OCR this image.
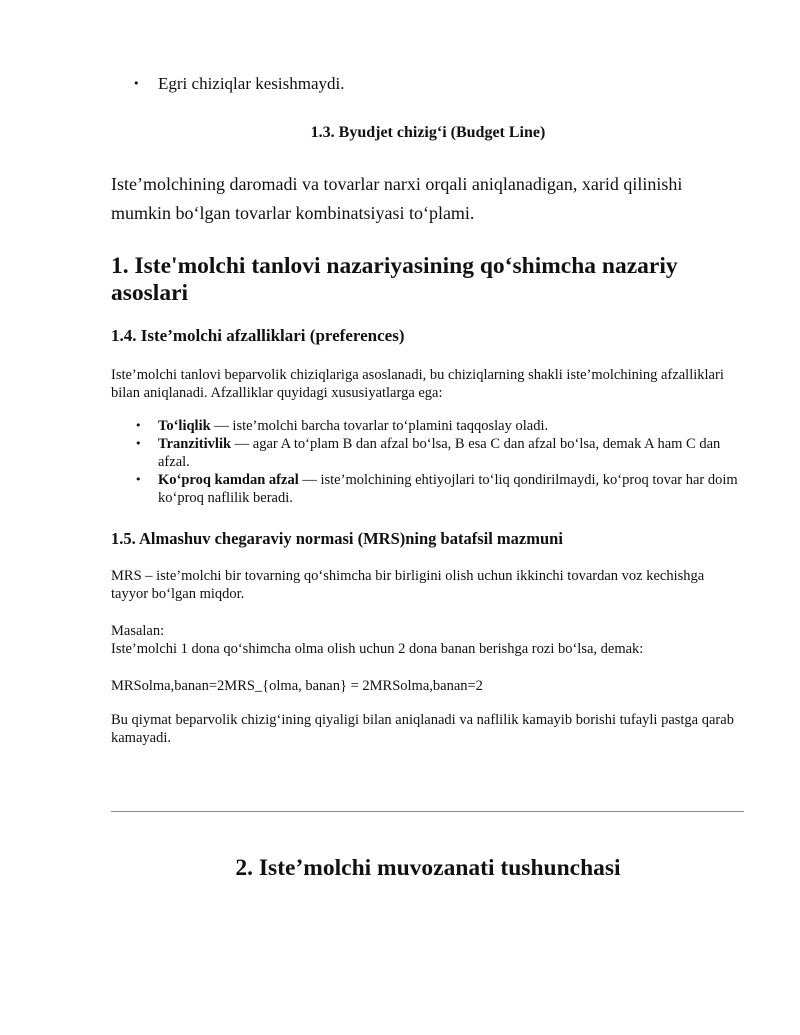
• Egri chiziqlar kesishmaydi.
1.3. Byudjet chizig‘i (Budget Line)
Iste’molchining daromadi va tovarlar narxi orqali aniqlanadigan, xarid qilinishi
mumkin bo‘lgan tovarlar kombinatsiyasi to‘plami.
1. Iste'molchi tanlovi nazariyasining qo‘shimcha nazariy asoslari
1.4. Iste’molchi afzalliklari (preferences)

Iste’molchi tanlovi beparvolik chiziqlariga asoslanadi, bu chiziqlarning shakli iste’molchining afzalliklari bilan aniqlanadi. Afzalliklar quyidagi xususiyatlarga ega:

• To‘liqlik — iste’molchi barcha tovarlar to‘plamini taqqoslay oladi.
• Tranzitivlik — agar A to‘plam B dan afzal bo‘lsa, B esa C dan afzal bo‘lsa, demak A ham C dan afzal.
• Ko‘proq kamdan afzal — iste’molchining ehtiyojlari to‘liq qondirilmaydi, ko‘proq tovar har doim ko‘proq naflilik beradi.
1.5. Almashuv chegaraviy normasi (MRS)ning batafsil mazmuni

MRS – iste’molchi bir tovarning qo‘shimcha bir birligini olish uchun ikkinchi tovardan voz kechishga tayyor bo‘lgan miqdor.

Masalan:
Iste’molchi 1 dona qo‘shimcha olma olish uchun 2 dona banan berishga rozi bo‘lsa, demak:

MRSolma,banan=2MRS_{olma, banan} = 2MRSolma,banan=2

Bu qiymat beparvolik chizig‘ining qiyaligi bilan aniqlanadi va naflilik kamayib borishi tufayli pastga qarab kamayadi.

2. Iste’molchi muvozanati tushunchasi
